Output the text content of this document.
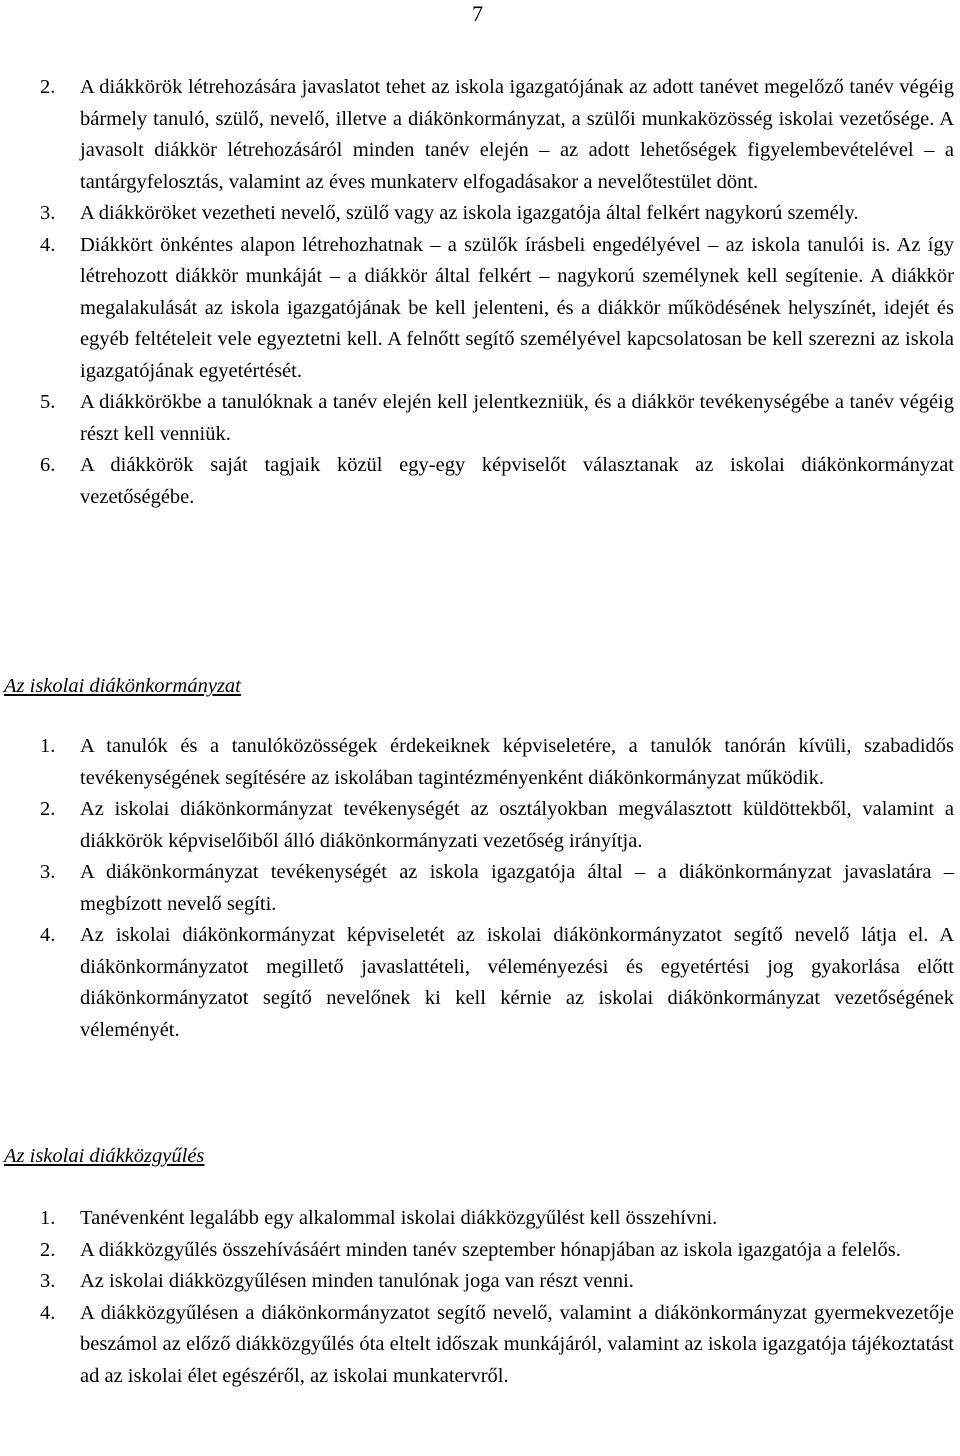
7
2. A diákkörök létrehozására javaslatot tehet az iskola igazgatójának az adott tanévet megelőző tanév végéig bármely tanuló, szülő, nevelő, illetve a diákönkormányzat, a szülői munkaközösség iskolai vezetősége. A javasolt diákkör létrehozásáról minden tanév elején – az adott lehetőségek figyelembevételével – a tantárgyfelosztás, valamint az éves munkaterv elfogadásakor a nevelőtestület dönt.
3. A diákköröket vezetheti nevelő, szülő vagy az iskola igazgatója által felkért nagykorú személy.
4. Diákkört önkéntes alapon létrehozhatnak – a szülők írásbeli engedélyével – az iskola tanulói is. Az így létrehozott diákkör munkáját – a diákkör által felkért – nagykorú személynek kell segítenie. A diákkör megalakulását az iskola igazgatójának be kell jelenteni, és a diákkör működésének helyszínét, idejét és egyéb feltételeit vele egyeztetni kell. A felnőtt segítő személyével kapcsolatosan be kell szerezni az iskola igazgatójának egyetértését.
5. A diákkörökbe a tanulóknak a tanév elején kell jelentkezniük, és a diákkör tevékenységébe a tanév végéig részt kell venniük.
6. A diákkörök saját tagjaik közül egy-egy képviselőt választanak az iskolai diákönkormányzat vezetőségébe.
Az iskolai diákönkormányzat
1. A tanulók és a tanulóközösségek érdekeiknek képviseletére, a tanulók tanórán kívüli, szabadidős tevékenységének segítésére az iskolában tagintézményenként diákönkormányzat működik.
2. Az iskolai diákönkormányzat tevékenységét az osztályokban megválasztott küldöttekből, valamint a diákkörök képviselőiből álló diákönkormányzati vezetőség irányítja.
3. A diákönkormányzat tevékenységét az iskola igazgatója által – a diákönkormányzat javaslatára –megbízott nevelő segíti.
4. Az iskolai diákönkormányzat képviseletét az iskolai diákönkormányzatot segítő nevelő látja el. A diákönkormányzatot megillető javaslattételi, véleményezési és egyetértési jog gyakorlása előtt diákönkormányzatot segítő nevelőnek ki kell kérnie az iskolai diákönkormányzat vezetőségének véleményét.
Az iskolai diákközgyűlés
1. Tanévenként legalább egy alkalommal iskolai diákközgyűlést kell összehívni.
2. A diákközgyűlés összehívásáért minden tanév szeptember hónapjában az iskola igazgatója a felelős.
3. Az iskolai diákközgyűlésen minden tanulónak joga van részt venni.
4. A diákközgyűlésen a diákönkormányzatot segítő nevelő, valamint a diákönkormányzat gyermekvezetője beszámol az előző diákközgyűlés óta eltelt időszak munkájáról, valamint az iskola igazgatója tájékoztatást ad az iskolai élet egészéről, az iskolai munkatervről.
